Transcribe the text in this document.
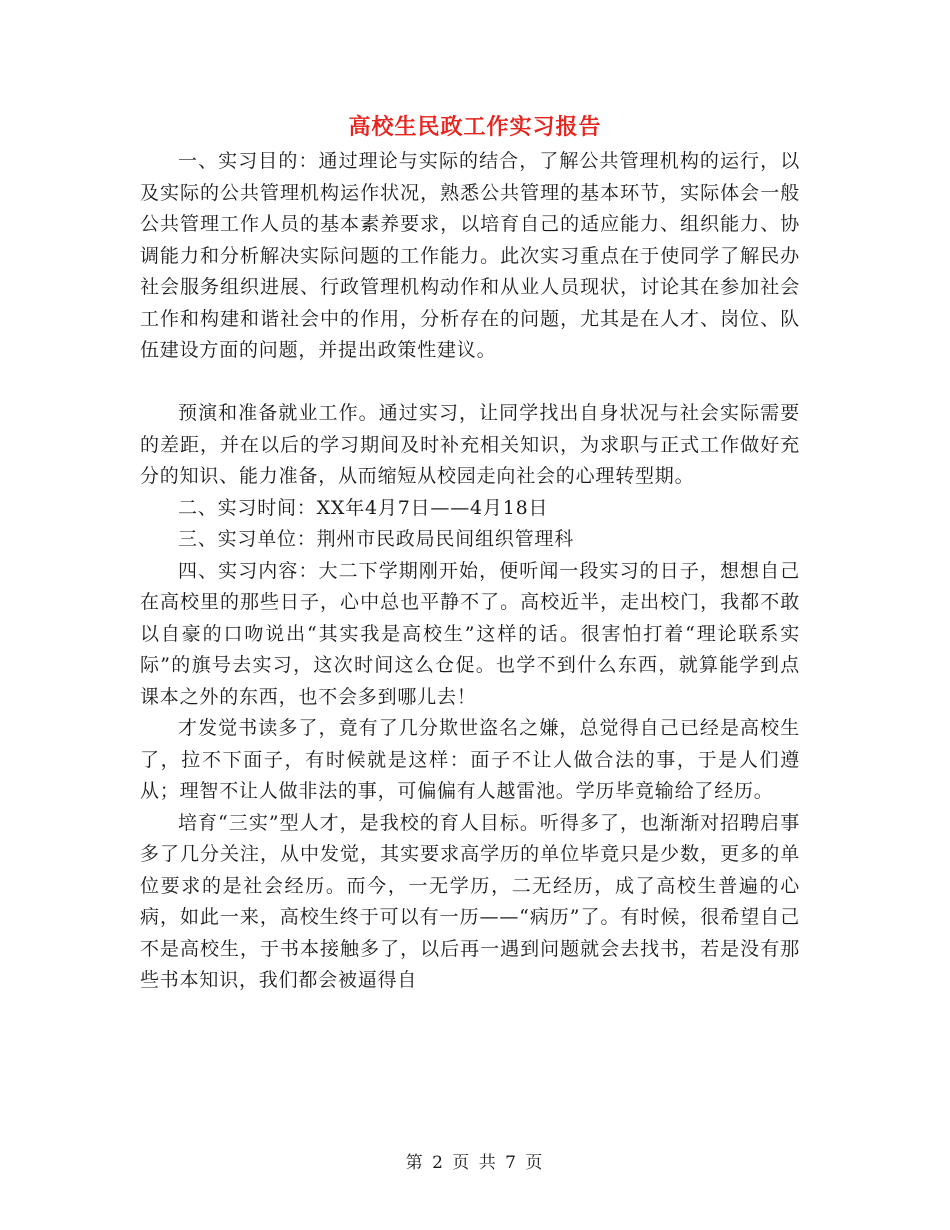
高校生民政工作实习报告

一、实习目的：通过理论与实际的结合，了解公共管理机构的运行，以及实际的公共管理机构运作状况，熟悉公共管理的基本环节，实际体会一般公共管理工作人员的基本素养要求，以培育自己的适应能力、组织能力、协调能力和分析解决实际问题的工作能力。此次实习重点在于使同学了解民办社会服务组织进展、行政管理机构动作和从业人员现状，讨论其在参加社会工作和构建和谐社会中的作用，分析存在的问题，尤其是在人才、岗位、队伍建设方面的问题，并提出政策性建议。

预演和准备就业工作。通过实习，让同学找出自身状况与社会实际需要的差距，并在以后的学习期间及时补充相关知识，为求职与正式工作做好充分的知识、能力准备，从而缩短从校园走向社会的心理转型期。

二、实习时间：XX年4月7日——4月18日

三、实习单位：荆州市民政局民间组织管理科

四、实习内容：大二下学期刚开始，便听闻一段实习的日子，想想自己在高校里的那些日子，心中总也平静不了。高校近半，走出校门，我都不敢以自豪的口吻说出“其实我是高校生”这样的话。很害怕打着“理论联系实际”的旗号去实习，这次时间这么仓促。也学不到什么东西，就算能学到点课本之外的东西，也不会多到哪儿去！

才发觉书读多了，竟有了几分欺世盗名之嫌，总觉得自己已经是高校生了，拉不下面子，有时候就是这样：面子不让人做合法的事，于是人们遵从；理智不让人做非法的事，可偏偏有人越雷池。学历毕竟输给了经历。

培育“三实”型人才，是我校的育人目标。听得多了，也渐渐对招聘启事多了几分关注，从中发觉，其实要求高学历的单位毕竟只是少数，更多的单位要求的是社会经历。而今，一无学历，二无经历，成了高校生普遍的心病，如此一来，高校生终于可以有一历——“病历”了。有时候，很希望自己不是高校生，于书本接触多了，以后再一遇到问题就会去找书，若是没有那些书本知识，我们都会被逼得自

第 2 页 共 7 页
